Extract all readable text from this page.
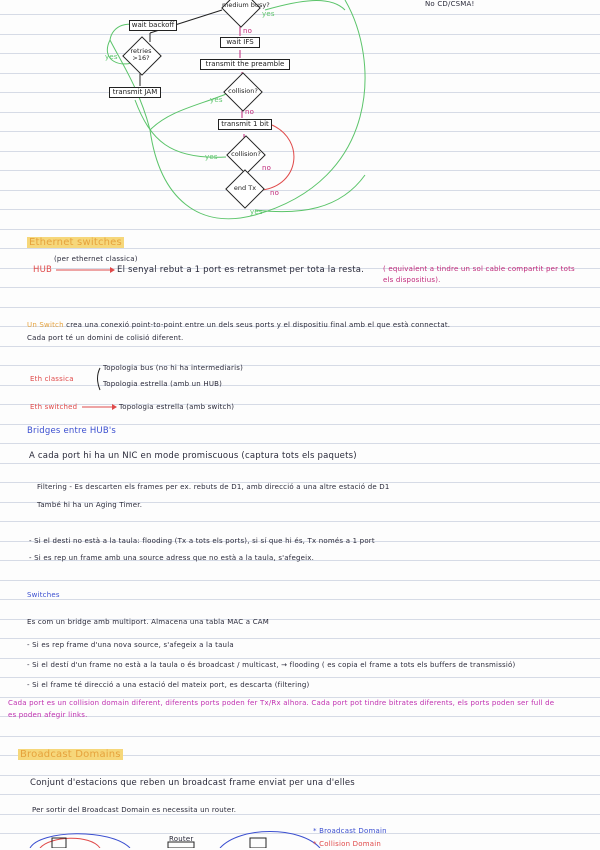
No CD/CSMA!
medium busy?
wait backoff
wait IFS
retries >16?
transmit the preamble
transmit JAM	collision?
transmit 1 bit
collision?
end Tx
yes
yes
yes
yes
yes
no
no
no
no
Ethernet switches
(per ethernet classica)
HUB	El senyal rebut a 1 port es retransmet per tota la resta.	( equivalent a tindre un sol cable compartit per tots els dispositius).
Un Switch crea una conexió point-to-point entre un dels seus ports y el dispositiu final amb el que està connectat.
Cada port té un domini de colisió diferent.
Eth classica
Topologia bus (no hi ha intermediaris)
Topologia estrella (amb un HUB)
Eth switched	Topologia estrella (amb switch)
Bridges entre HUB's
A cada port hi ha un NIC en mode promiscuous (captura tots els paquets)
Filtering - Es descarten els frames per ex. rebuts de D1, amb direcció a una altre estació de D1
També hi ha un Aging Timer.
- Si el desti no està a la taula: flooding (Tx a tots els ports), si sí que hi és, Tx només a 1 port
- Si es rep un frame amb una source adress que no està a la taula, s'afegeix.
Switches
Es com un bridge amb multiport. Almacena una tabla MAC a CAM
- Si es rep frame d'una nova source, s'afegeix a la taula
- Si el destí d'un frame no està a la taula o és broadcast / multicast, → flooding ( es copia el frame a tots els buffers de transmissió)
- Si el frame té direcció a una estació del mateix port, es descarta (filtering)
Cada port es un collision domain diferent, diferents ports poden fer Tx/Rx alhora. Cada port pot tindre bitrates diferents, els ports poden ser full de
es poden afegir links.
Broadcast Domains
Conjunt d'estacions que reben un broadcast frame enviat per una d'elles
Per sortir del Broadcast Domain es necessita un router.
Router
* Broadcast Domain
* Collision Domain
